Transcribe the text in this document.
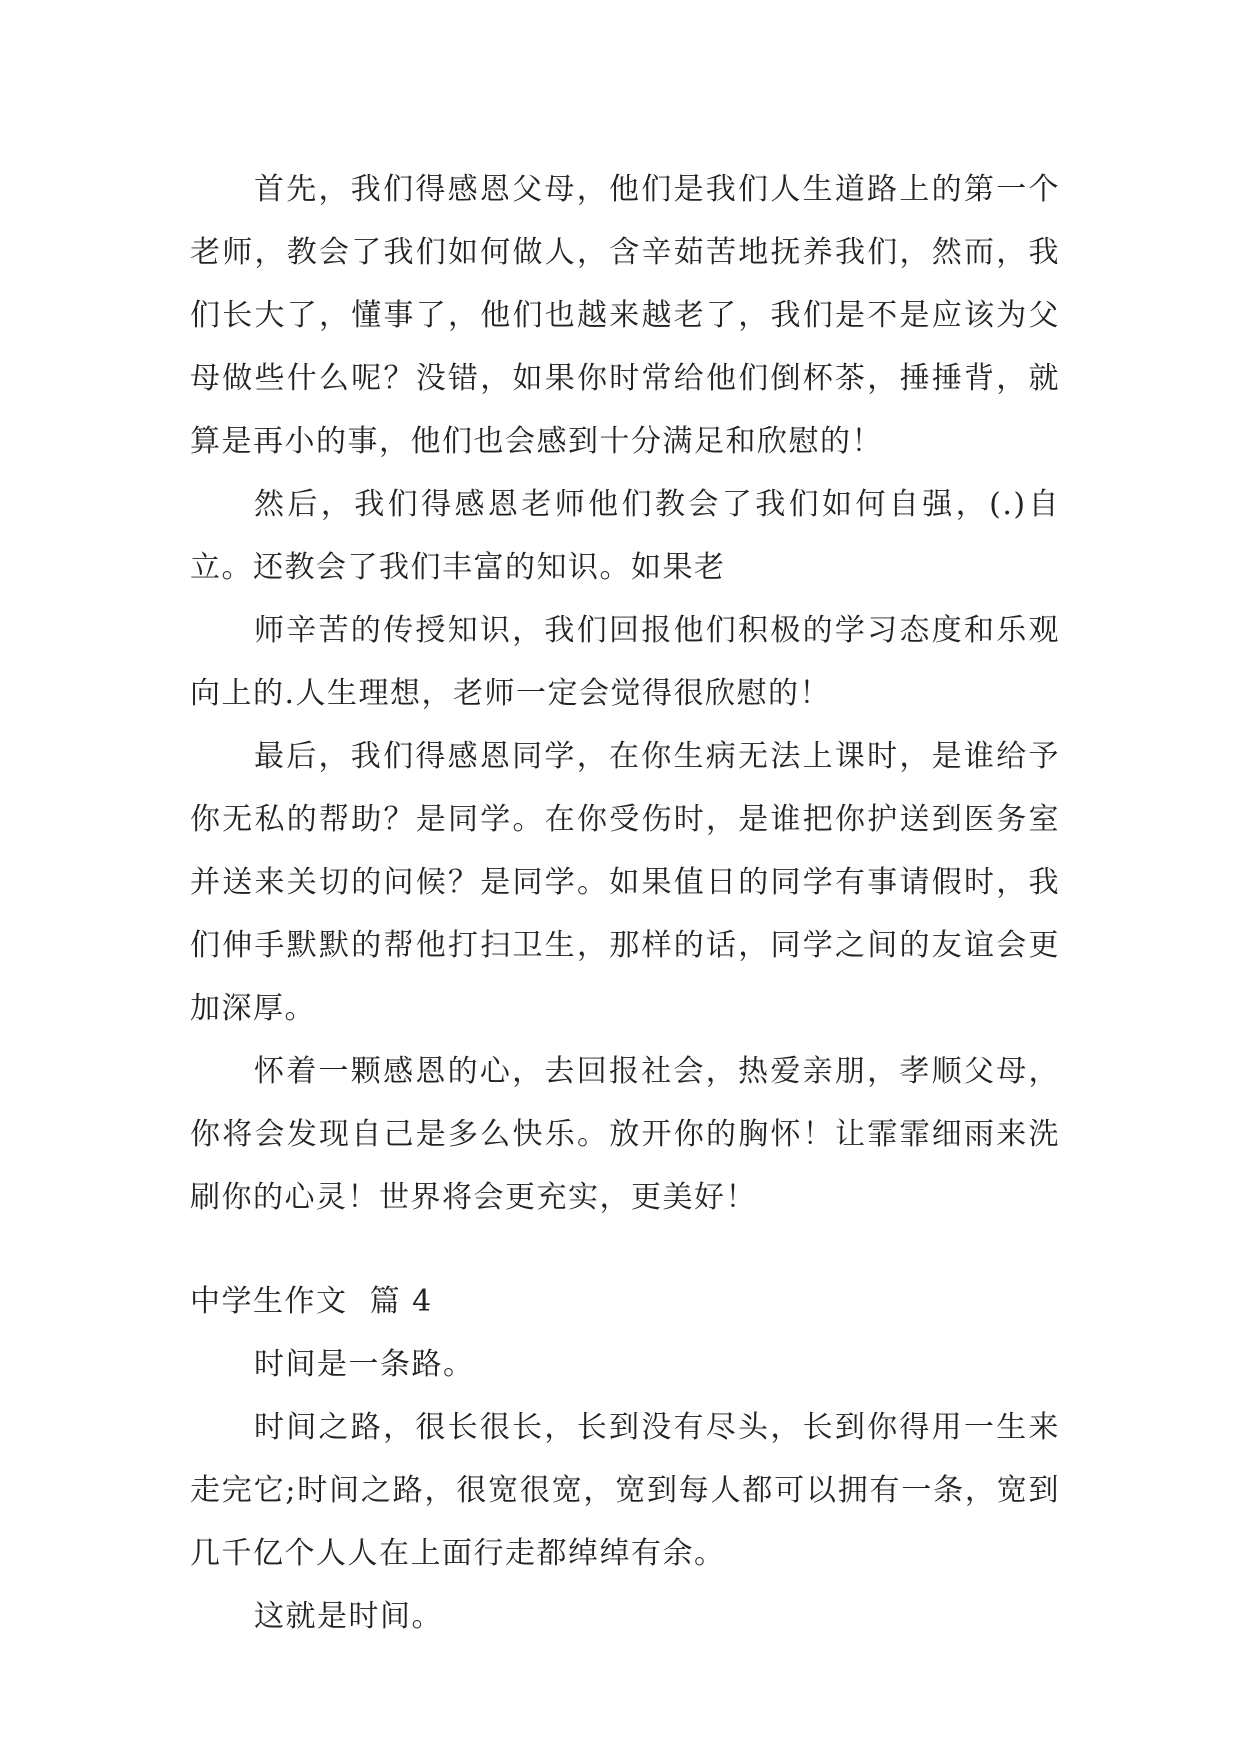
首先，我们得感恩父母，他们是我们人生道路上的第一个老师，教会了我们如何做人，含辛茹苦地抚养我们，然而，我们长大了，懂事了，他们也越来越老了，我们是不是应该为父母做些什么呢？没错，如果你时常给他们倒杯茶，捶捶背，就算是再小的事，他们也会感到十分满足和欣慰的！

然后，我们得感恩老师他们教会了我们如何自强，(.)自立。还教会了我们丰富的知识。如果老

师辛苦的传授知识，我们回报他们积极的学习态度和乐观向上的.人生理想，老师一定会觉得很欣慰的！

最后，我们得感恩同学，在你生病无法上课时，是谁给予你无私的帮助？是同学。在你受伤时，是谁把你护送到医务室并送来关切的问候？是同学。如果值日的同学有事请假时，我们伸手默默的帮他打扫卫生，那样的话，同学之间的友谊会更加深厚。

怀着一颗感恩的心，去回报社会，热爱亲朋，孝顺父母，你将会发现自己是多么快乐。放开你的胸怀！让霏霏细雨来洗刷你的心灵！世界将会更充实，更美好！

中学生作文  篇 4

时间是一条路。

时间之路，很长很长，长到没有尽头，长到你得用一生来走完它;时间之路，很宽很宽，宽到每人都可以拥有一条，宽到几千亿个人人在上面行走都绰绰有余。

这就是时间。
